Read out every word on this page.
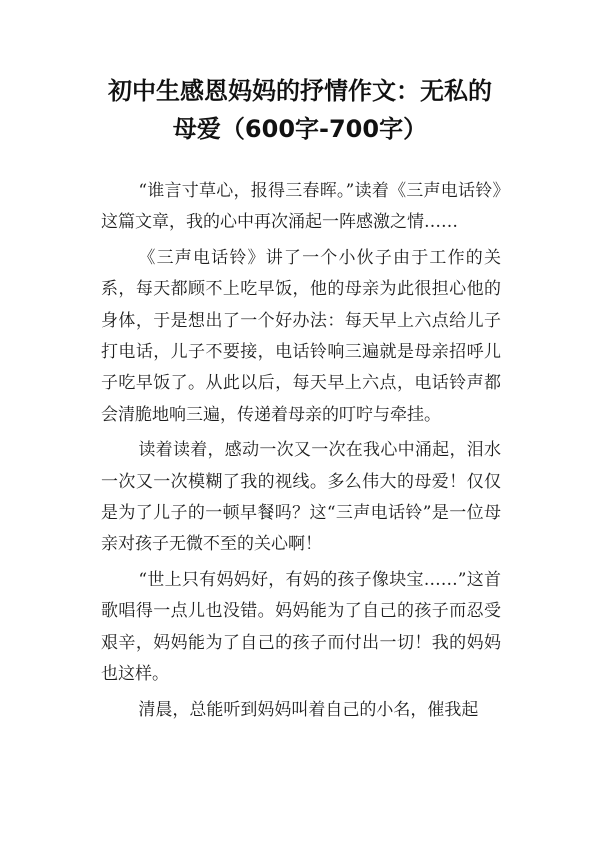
初中生感恩妈妈的抒情作文：无私的
母爱（600字-700字）

“谁言寸草心，报得三春晖。”读着《三声电话铃》这篇文章，我的心中再次涌起一阵感激之情……

《三声电话铃》讲了一个小伙子由于工作的关系，每天都顾不上吃早饭，他的母亲为此很担心他的身体，于是想出了一个好办法：每天早上六点给儿子打电话，儿子不要接，电话铃响三遍就是母亲招呼儿子吃早饭了。从此以后，每天早上六点，电话铃声都会清脆地响三遍，传递着母亲的叮咛与牵挂。

读着读着，感动一次又一次在我心中涌起，泪水一次又一次模糊了我的视线。多么伟大的母爱！仅仅是为了儿子的一顿早餐吗？这“三声电话铃”是一位母亲对孩子无微不至的关心啊！

“世上只有妈妈好，有妈的孩子像块宝……”这首歌唱得一点儿也没错。妈妈能为了自己的孩子而忍受艰辛，妈妈能为了自己的孩子而付出一切！我的妈妈也这样。

清晨，总能听到妈妈叫着自己的小名，催我起
